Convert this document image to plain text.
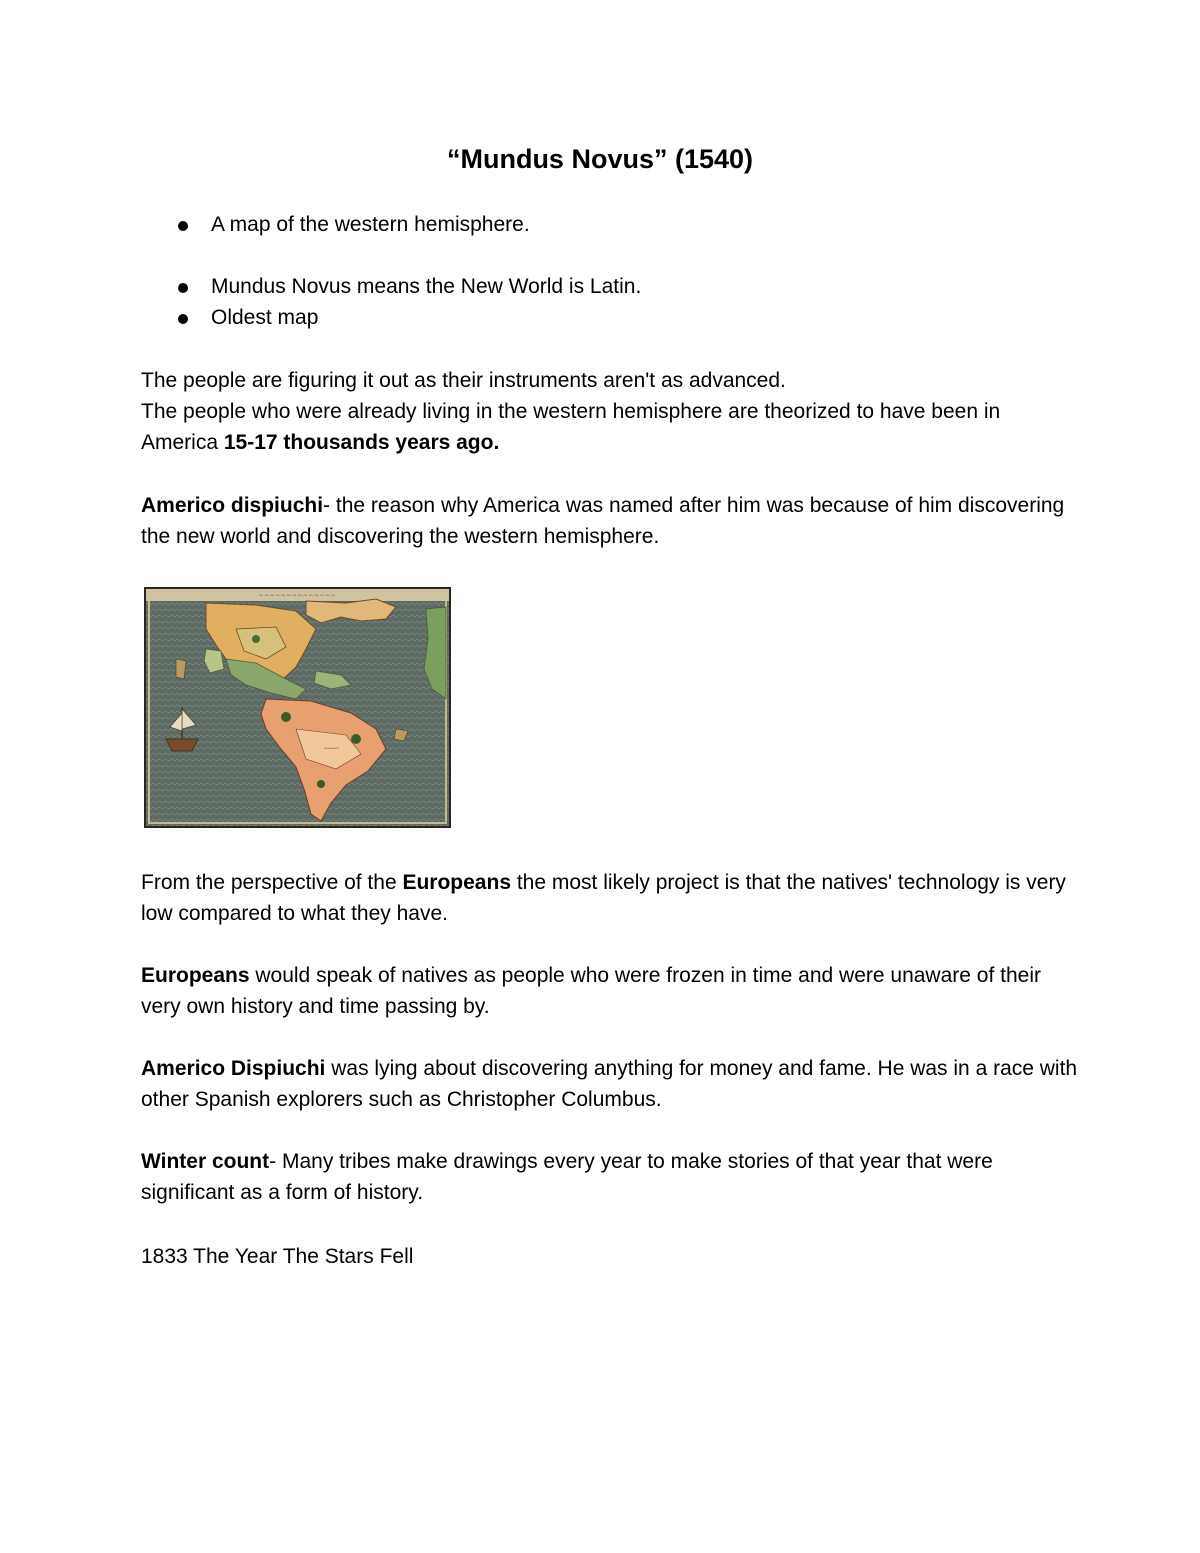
“Mundus Novus” (1540)
A map of the western hemisphere.
Mundus Novus means the New World is Latin.
Oldest map

The people are figuring it out as their instruments aren't as advanced.
The people who were already living in the western hemisphere are theorized to have been in America 15-17 thousands years ago.

Americo dispiuchi- the reason why America was named after him was because of him discovering the new world and discovering the western hemisphere.

~ ~ ~ ~ ~ ~ ~ ~ ~ ~ ~ ~ ~ ~
~~~~

From the perspective of the Europeans the most likely project is that the natives' technology is very low compared to what they have.

Europeans would speak of natives as people who were frozen in time and were unaware of their very own history and time passing by.

Americo Dispiuchi was lying about discovering anything for money and fame. He was in a race with other Spanish explorers such as Christopher Columbus.

Winter count- Many tribes make drawings every year to make stories of that year that were significant as a form of history.

1833 The Year The Stars Fell
